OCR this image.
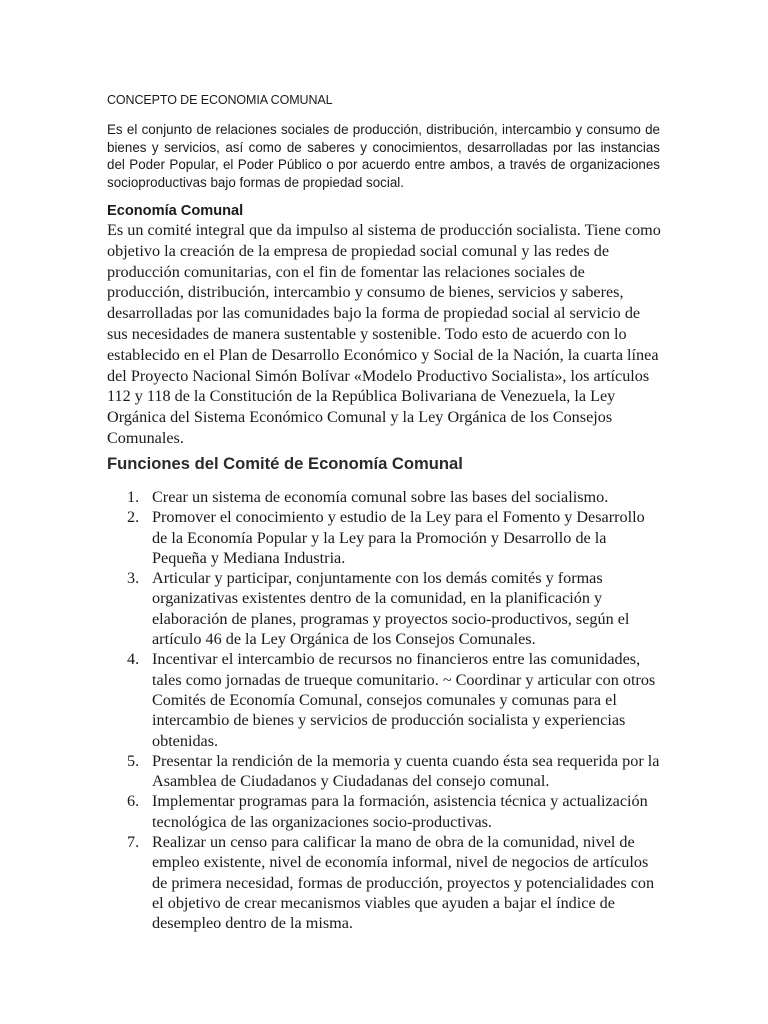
CONCEPTO DE ECONOMIA COMUNAL

Es el conjunto de relaciones sociales de producción, distribución, intercambio y consumo de bienes y servicios, así como de saberes y conocimientos, desarrolladas por las instancias del Poder Popular, el Poder Público o por acuerdo entre ambos, a través de organizaciones socioproductivas bajo formas de propiedad social.

Economía Comunal

Es un comité integral que da impulso al sistema de producción socialista. Tiene como objetivo la creación de la empresa de propiedad social comunal y las redes de producción comunitarias, con el fin de fomentar las relaciones sociales de producción, distribución, intercambio y consumo de bienes, servicios y saberes, desarrolladas por las comunidades bajo la forma de propiedad social al servicio de sus necesidades de manera sustentable y sostenible. Todo esto de acuerdo con lo establecido en el Plan de Desarrollo Económico y Social de la Nación, la cuarta línea del Proyecto Nacional Simón Bolívar «Modelo Productivo Socialista», los artículos 112 y 118 de la Constitución de la República Bolivariana de Venezuela, la Ley Orgánica del Sistema Económico Comunal y la Ley Orgánica de los Consejos Comunales.

Funciones del Comité de Economía Comunal
1. Crear un sistema de economía comunal sobre las bases del socialismo.
2. Promover el conocimiento y estudio de la Ley para el Fomento y Desarrollo de la Economía Popular y la Ley para la Promoción y Desarrollo de la Pequeña y Mediana Industria.
3. Articular y participar, conjuntamente con los demás comités y formas organizativas existentes dentro de la comunidad, en la planificación y elaboración de planes, programas y proyectos socio-productivos, según el artículo 46 de la Ley Orgánica de los Consejos Comunales.
4. Incentivar el intercambio de recursos no financieros entre las comunidades, tales como jornadas de trueque comunitario. ~ Coordinar y articular con otros Comités de Economía Comunal, consejos comunales y comunas para el intercambio de bienes y servicios de producción socialista y experiencias obtenidas.
5. Presentar la rendición de la memoria y cuenta cuando ésta sea requerida por la Asamblea de Ciudadanos y Ciudadanas del consejo comunal.
6. Implementar programas para la formación, asistencia técnica y actualización tecnológica de las organizaciones socio-productivas.
7. Realizar un censo para calificar la mano de obra de la comunidad, nivel de empleo existente, nivel de economía informal, nivel de negocios de artículos de primera necesidad, formas de producción, proyectos y potencialidades con el objetivo de crear mecanismos viables que ayuden a bajar el índice de desempleo dentro de la misma.
